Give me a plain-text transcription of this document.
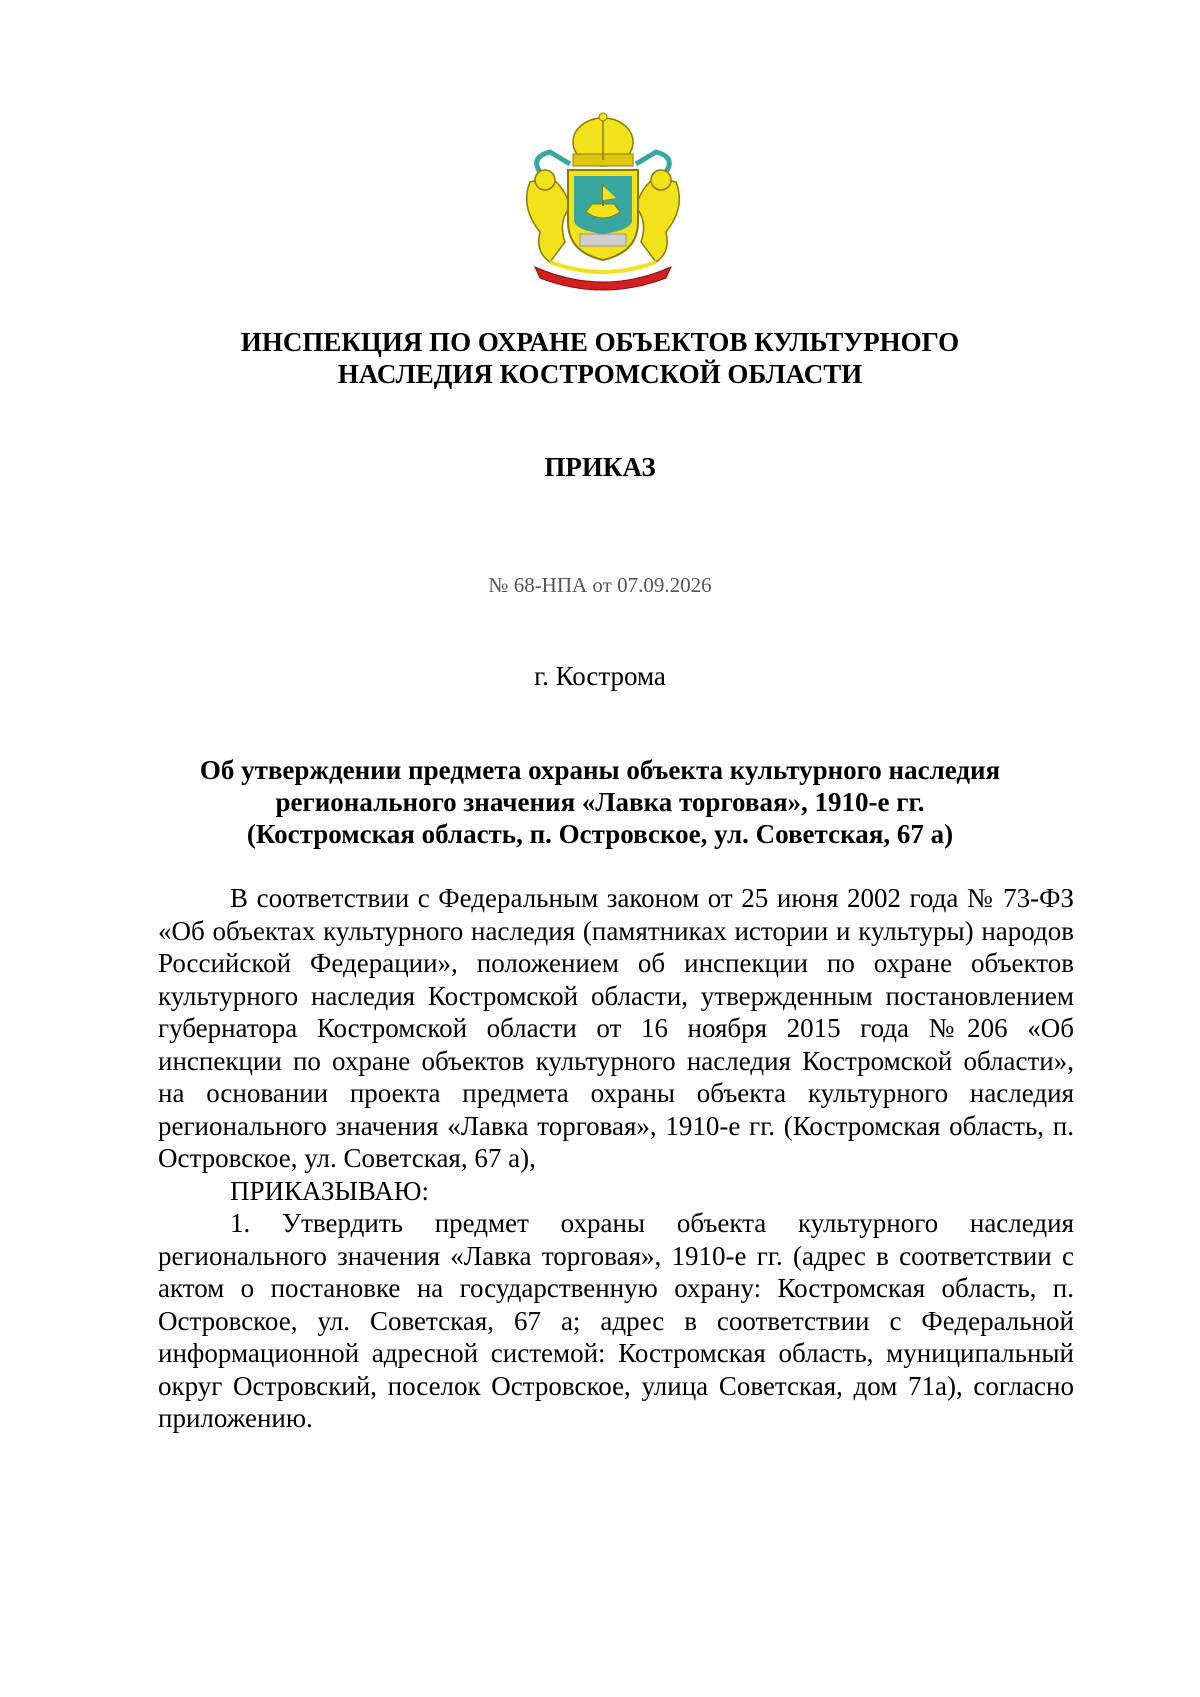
ИНСПЕКЦИЯ ПО ОХРАНЕ ОБЪЕКТОВ КУЛЬТУРНОГО
НАСЛЕДИЯ КОСТРОМСКОЙ ОБЛАСТИ
ПРИКАЗ
№ 68-НПА от 07.09.2026
г. Кострома
Об утверждении предмета охраны объекта культурного наследия
регионального значения «Лавка торговая», 1910-е гг.
(Костромская область, п. Островское, ул. Советская, 67 а)

В соответствии с Федеральным законом от 25 июня 2002 года № 73-ФЗ «Об объектах культурного наследия (памятниках истории и культуры) народов Российской Федерации», положением об инспекции по охране объектов культурного наследия Костромской области, утвержденным постановлением губернатора Костромской области от 16 ноября 2015 года №206 «Об инспекции по охране объектов культурного наследия Костромской области», на основании проекта предмета охраны объекта культурного наследия регионального значения «Лавка торговая», 1910-е гг. (Костромская область, п. Островское, ул. Советская, 67 а),

ПРИКАЗЫВАЮ:

1. Утвердить предмет охраны объекта культурного наследия регионального значения «Лавка торговая», 1910-е гг. (адрес в соответствии с актом о постановке на государственную охрану: Костромская область, п. Островское, ул. Советская, 67 а; адрес в соответствии с Федеральной информационной адресной системой: Костромская область, муниципальный округ Островский, поселок Островское, улица Советская, дом 71а), согласно приложению.
